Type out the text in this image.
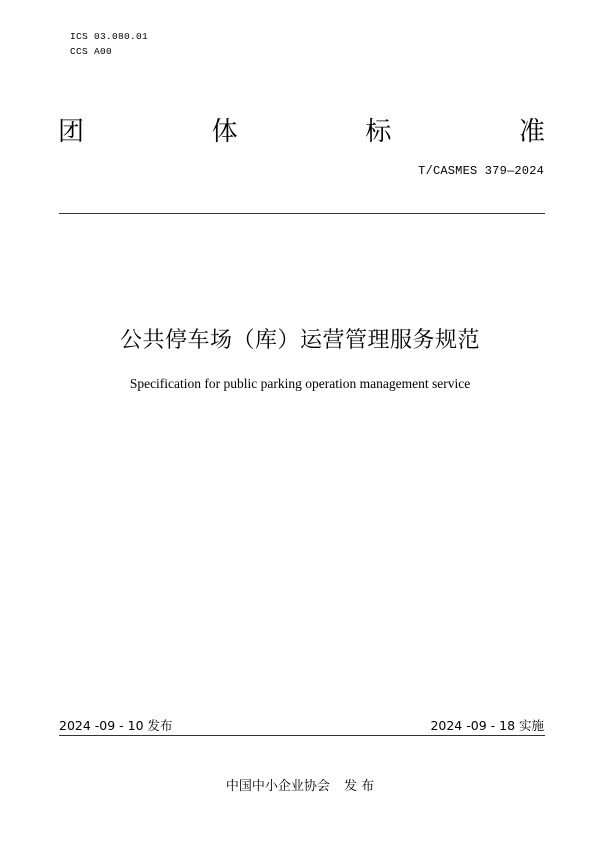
ICS 03.080.01
CCS A00
团	体	标	准
T/CASMES 379—2024
公共停车场（库）运营管理服务规范
Specification for public parking operation management service
2024 -09 - 10 发布	2024 -09 - 18 实施
中国中小企业协会 发 布
